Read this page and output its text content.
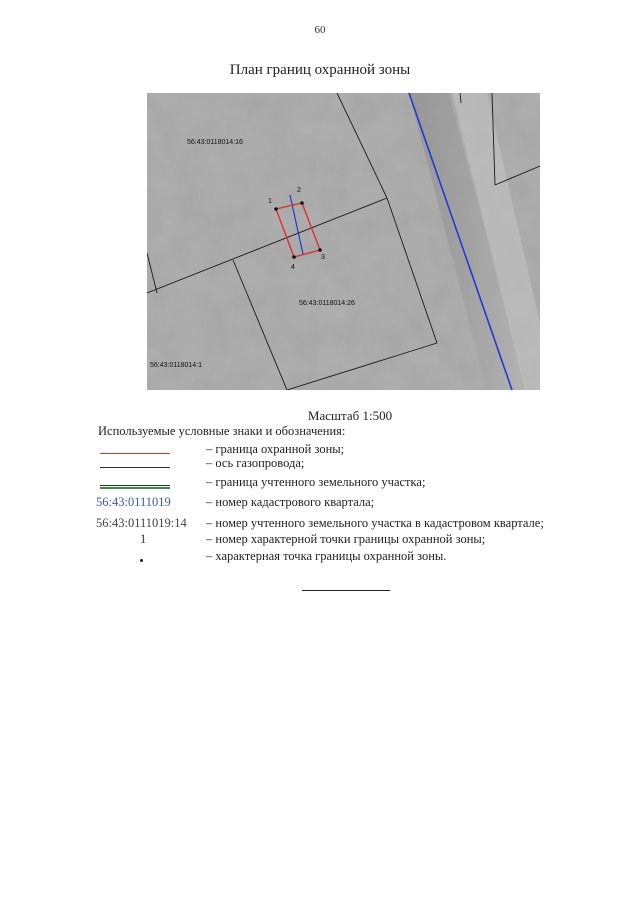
60
План границ охранной зоны
1
2
3
4
56:43:0118014:16
56:43:0118014:26
56:43:0118014:1
Масштаб 1:500
Используемые условные знаки и обозначения:
– граница охранной зоны;
– ось газопровода;
– граница учтенного земельного участка;
56:43:0111019	– номер кадастрового квартала;
56:43:0111019:14 – номер учтенного земельного участка в кадастровом квартале;
1	– номер характерной точки границы охранной зоны;
– характерная точка границы охранной зоны.
